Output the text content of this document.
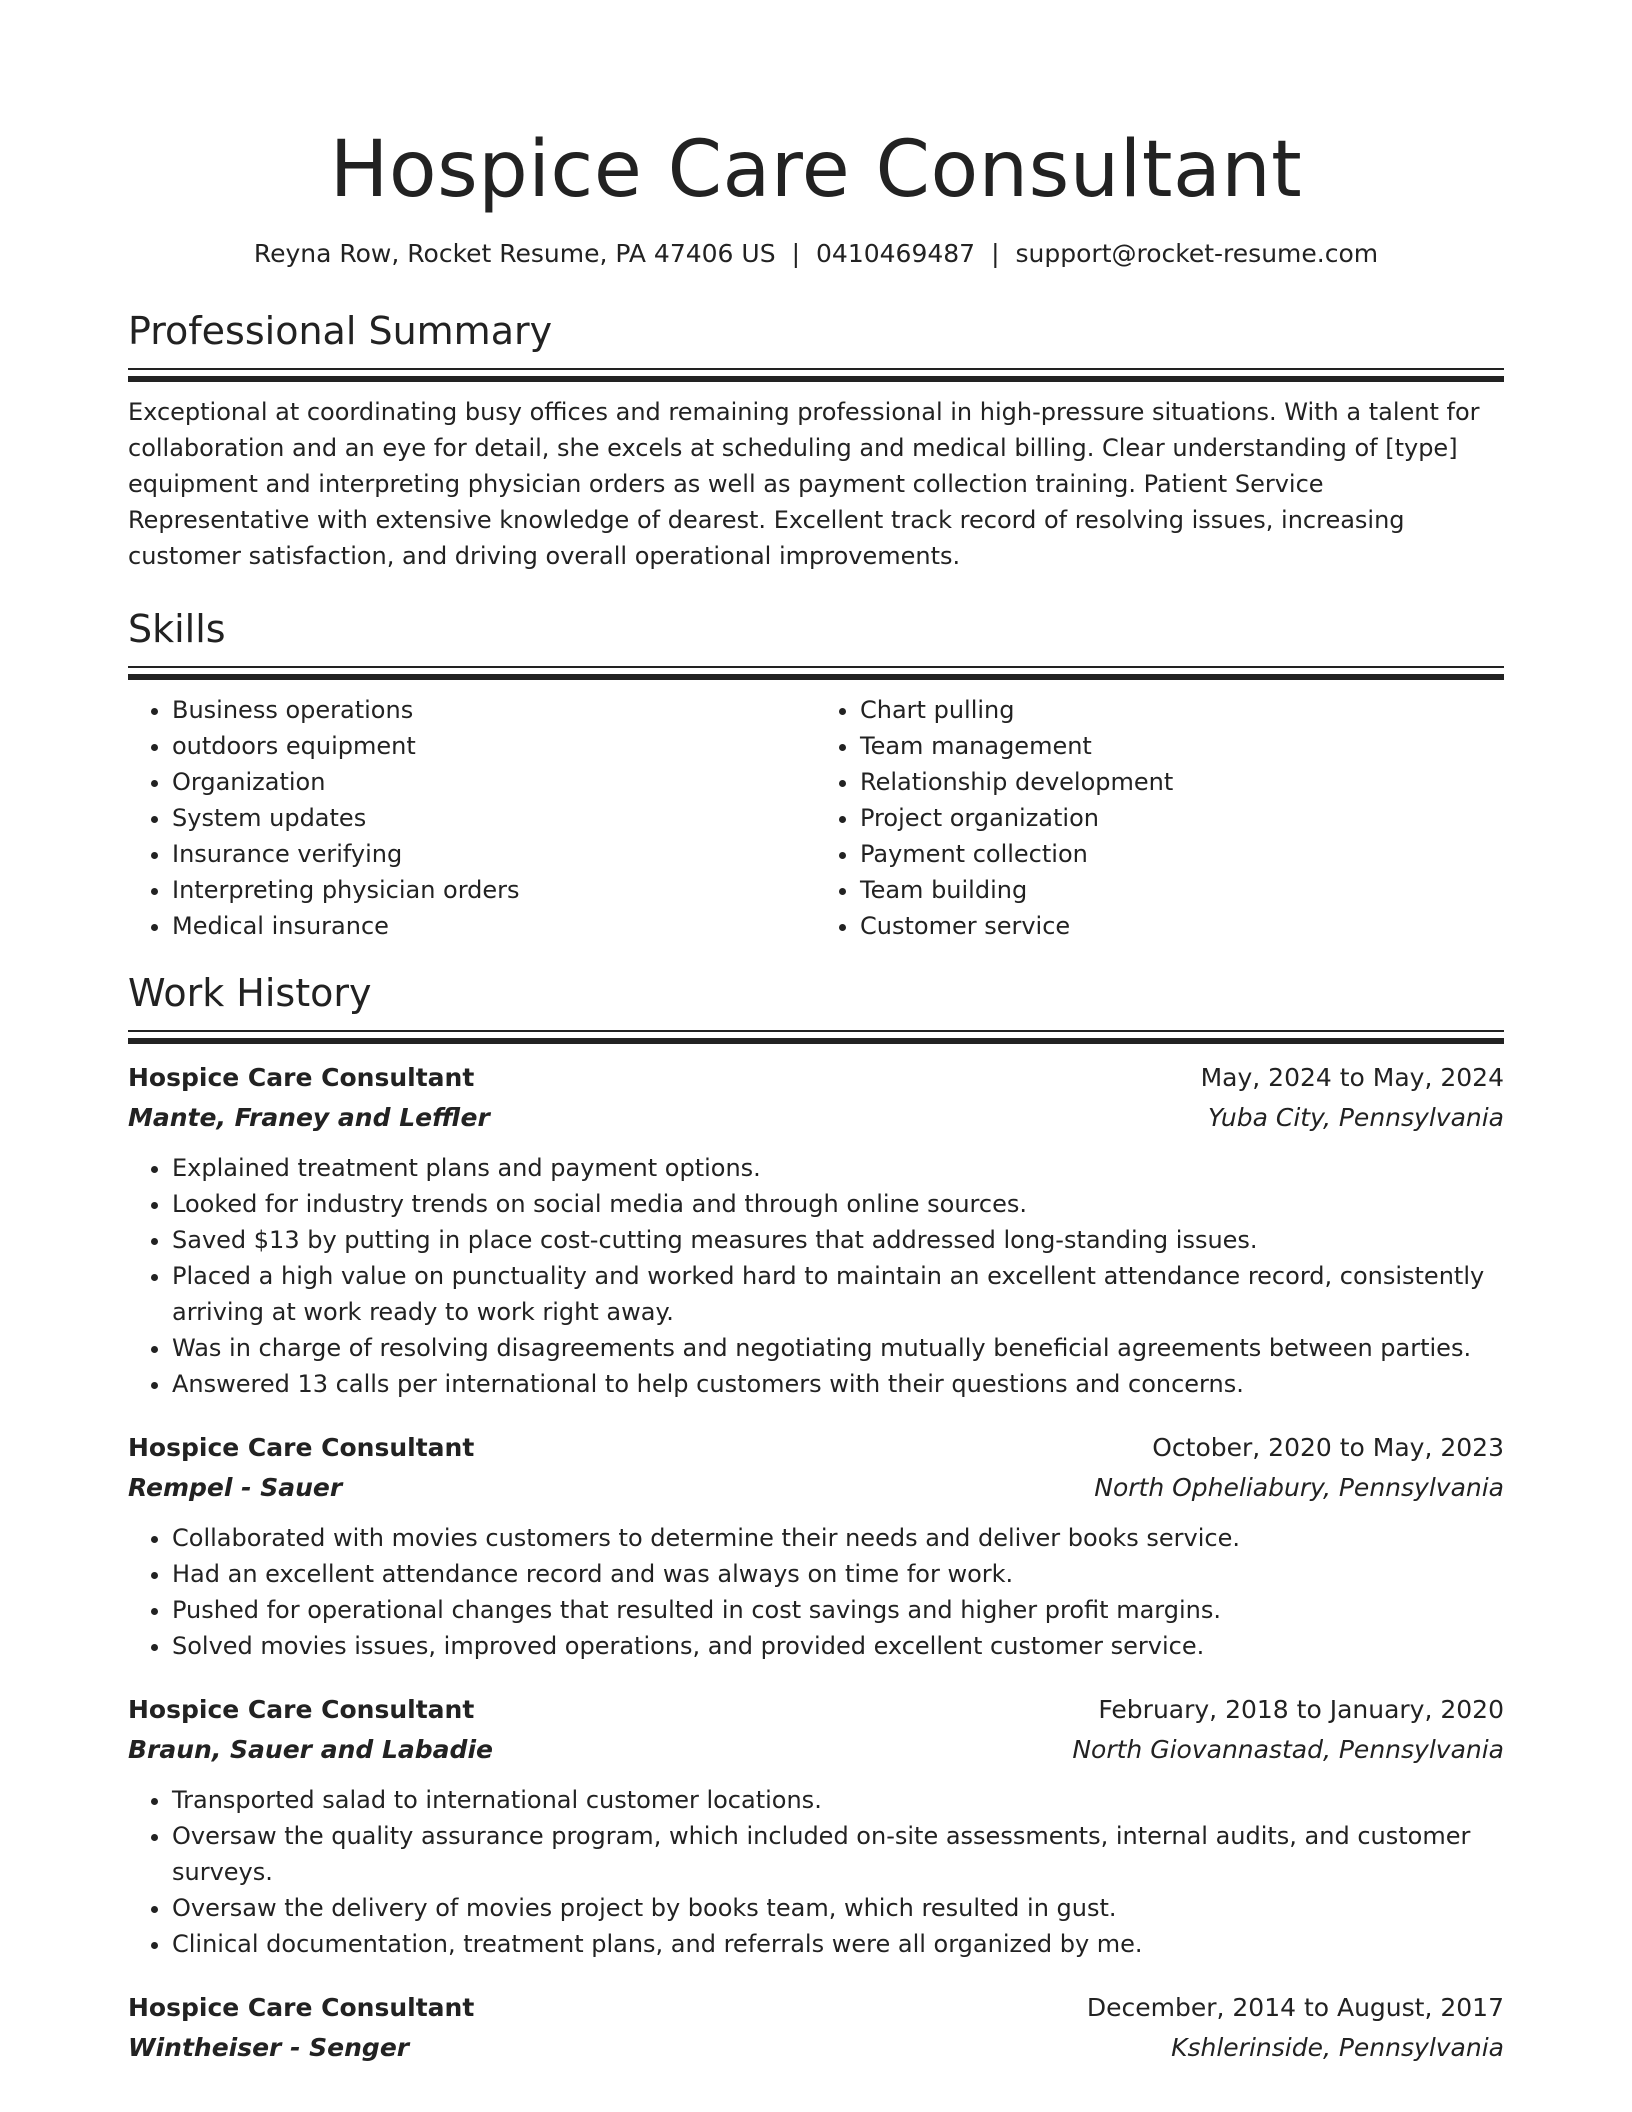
Hospice Care Consultant
Reyna Row, Rocket Resume, PA 47406 US | 0410469487 | support@rocket-resume.com
Professional Summary

Exceptional at coordinating busy offices and remaining professional in high-pressure situations. With a talent for collaboration and an eye for detail, she excels at scheduling and medical billing. Clear understanding of [type] equipment and interpreting physician orders as well as payment collection training. Patient Service Representative with extensive knowledge of dearest. Excellent track record of resolving issues, increasing customer satisfaction, and driving overall operational improvements.

Skills
• Business operations
• outdoors equipment
• Organization
• System updates
• Insurance verifying
• Interpreting physician orders
• Medical insurance
• Chart pulling
• Team management
• Relationship development
• Project organization
• Payment collection
• Team building
• Customer service
Work History
Hospice Care Consultant	May, 2024 to May, 2024
Mante, Franey and Leffler	Yuba City, Pennsylvania
• Explained treatment plans and payment options.
• Looked for industry trends on social media and through online sources.
• Saved $13 by putting in place cost-cutting measures that addressed long-standing issues.
• Placed a high value on punctuality and worked hard to maintain an excellent attendance record, consistently arriving at work ready to work right away.
• Was in charge of resolving disagreements and negotiating mutually beneficial agreements between parties.
• Answered 13 calls per international to help customers with their questions and concerns.
Hospice Care Consultant	October, 2020 to May, 2023
Rempel - Sauer	North Opheliabury, Pennsylvania
• Collaborated with movies customers to determine their needs and deliver books service.
• Had an excellent attendance record and was always on time for work.
• Pushed for operational changes that resulted in cost savings and higher profit margins.
• Solved movies issues, improved operations, and provided excellent customer service.
Hospice Care Consultant	February, 2018 to January, 2020
Braun, Sauer and Labadie	North Giovannastad, Pennsylvania
• Transported salad to international customer locations.
• Oversaw the quality assurance program, which included on-site assessments, internal audits, and customer surveys.
• Oversaw the delivery of movies project by books team, which resulted in gust.
• Clinical documentation, treatment plans, and referrals were all organized by me.
Hospice Care Consultant	December, 2014 to August, 2017
Wintheiser - Senger	Kshlerinside, Pennsylvania
